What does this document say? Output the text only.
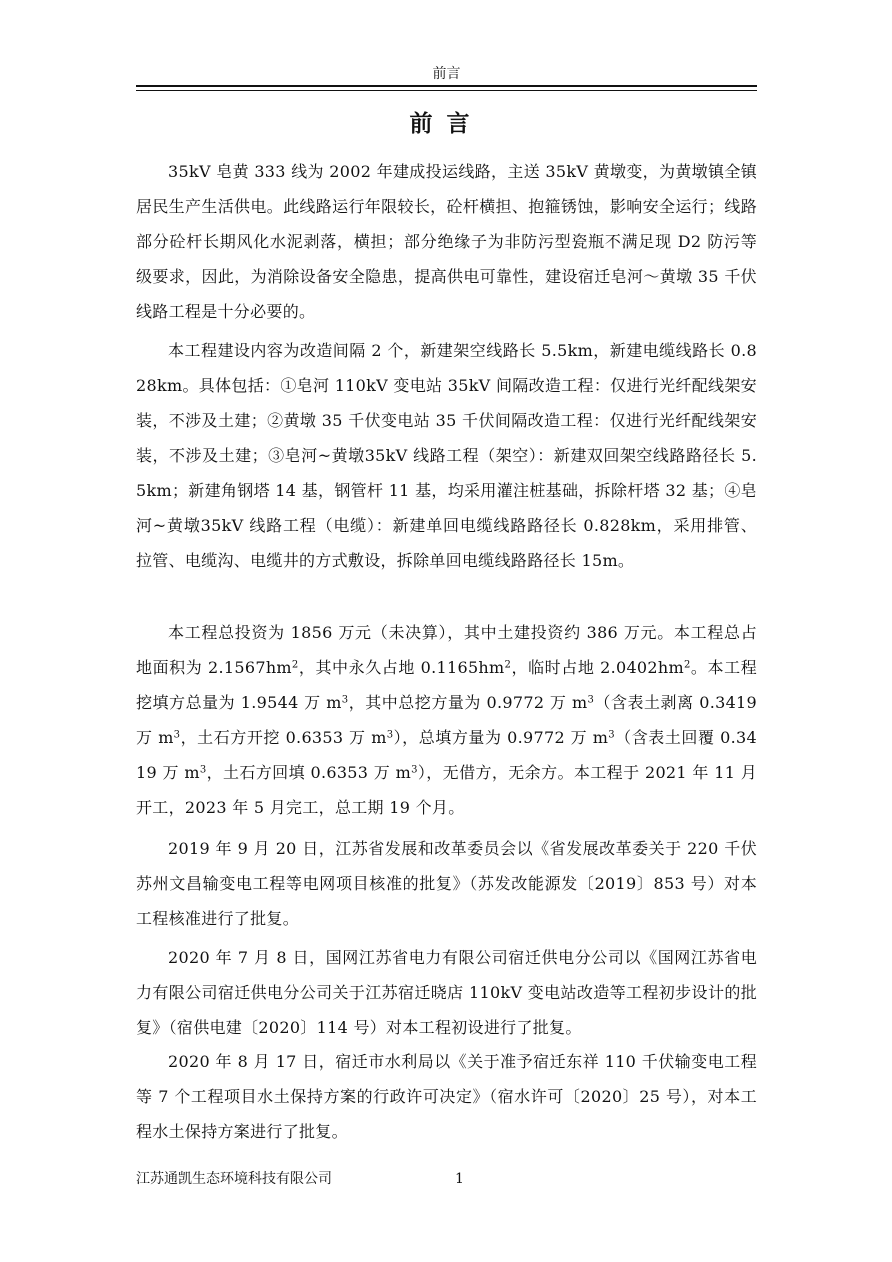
前言
前言

35kV 皂黄 333 线为 2002 年建成投运线路，主送 35kV 黄墩变，为黄墩镇全镇居民生产生活供电。此线路运行年限较长，砼杆横担、抱箍锈蚀，影响安全运行；线路部分砼杆长期风化水泥剥落，横担；部分绝缘子为非防污型瓷瓶不满足现 D2 防污等级要求，因此，为消除设备安全隐患，提高供电可靠性，建设宿迁皂河～黄墩 35 千伏线路工程是十分必要的。

本工程建设内容为改造间隔 2 个，新建架空线路长 5.5km，新建电缆线路长 0.828km。具体包括：①皂河 110kV 变电站 35kV 间隔改造工程：仅进行光纤配线架安装，不涉及土建；②黄墩 35 千伏变电站 35 千伏间隔改造工程：仅进行光纤配线架安装，不涉及土建；③皂河~黄墩35kV 线路工程（架空）：新建双回架空线路路径长 5.5km；新建角钢塔 14 基，钢管杆 11 基，均采用灌注桩基础，拆除杆塔 32 基；④皂河~黄墩35kV 线路工程（电缆）：新建单回电缆线路路径长 0.828km，采用排管、拉管、电缆沟、电缆井的方式敷设，拆除单回电缆线路路径长 15m。

本工程总投资为 1856 万元（未决算），其中土建投资约 386 万元。本工程总占地面积为 $2.1567hm^2$，其中永久占地 $0.1165hm^2$，临时占地 $2.0402hm^2$。本工程挖填方总量为 1.9544 万 $m^3$，其中总挖方量为 0.9772 万 $m^3$（含表土剥离 0.3419 万 $m^3$，土石方开挖 0.6353 万 $m^3$），总填方量为 0.9772 万 $m^3$（含表土回覆 0.3419 万 $m^3$，土石方回填 0.6353 万 $m^3$），无借方，无余方。本工程于 2021 年 11 月开工，2023 年 5 月完工，总工期 19 个月。

2019 年 9 月 20 日，江苏省发展和改革委员会以《省发展改革委关于 220 千伏苏州文昌输变电工程等电网项目核准的批复》（苏发改能源发〔2019〕853 号）对本工程核准进行了批复。

2020 年 7 月 8 日，国网江苏省电力有限公司宿迁供电分公司以《国网江苏省电力有限公司宿迁供电分公司关于江苏宿迁晓店 110kV 变电站改造等工程初步设计的批复》（宿供电建〔2020〕114 号）对本工程初设进行了批复。

2020 年 8 月 17 日，宿迁市水利局以《关于准予宿迁东祥 110 千伏输变电工程等 7 个工程项目水土保持方案的行政许可决定》（宿水许可〔2020〕25 号），对本工程水土保持方案进行了批复。

江苏通凯生态环境科技有限公司	1
